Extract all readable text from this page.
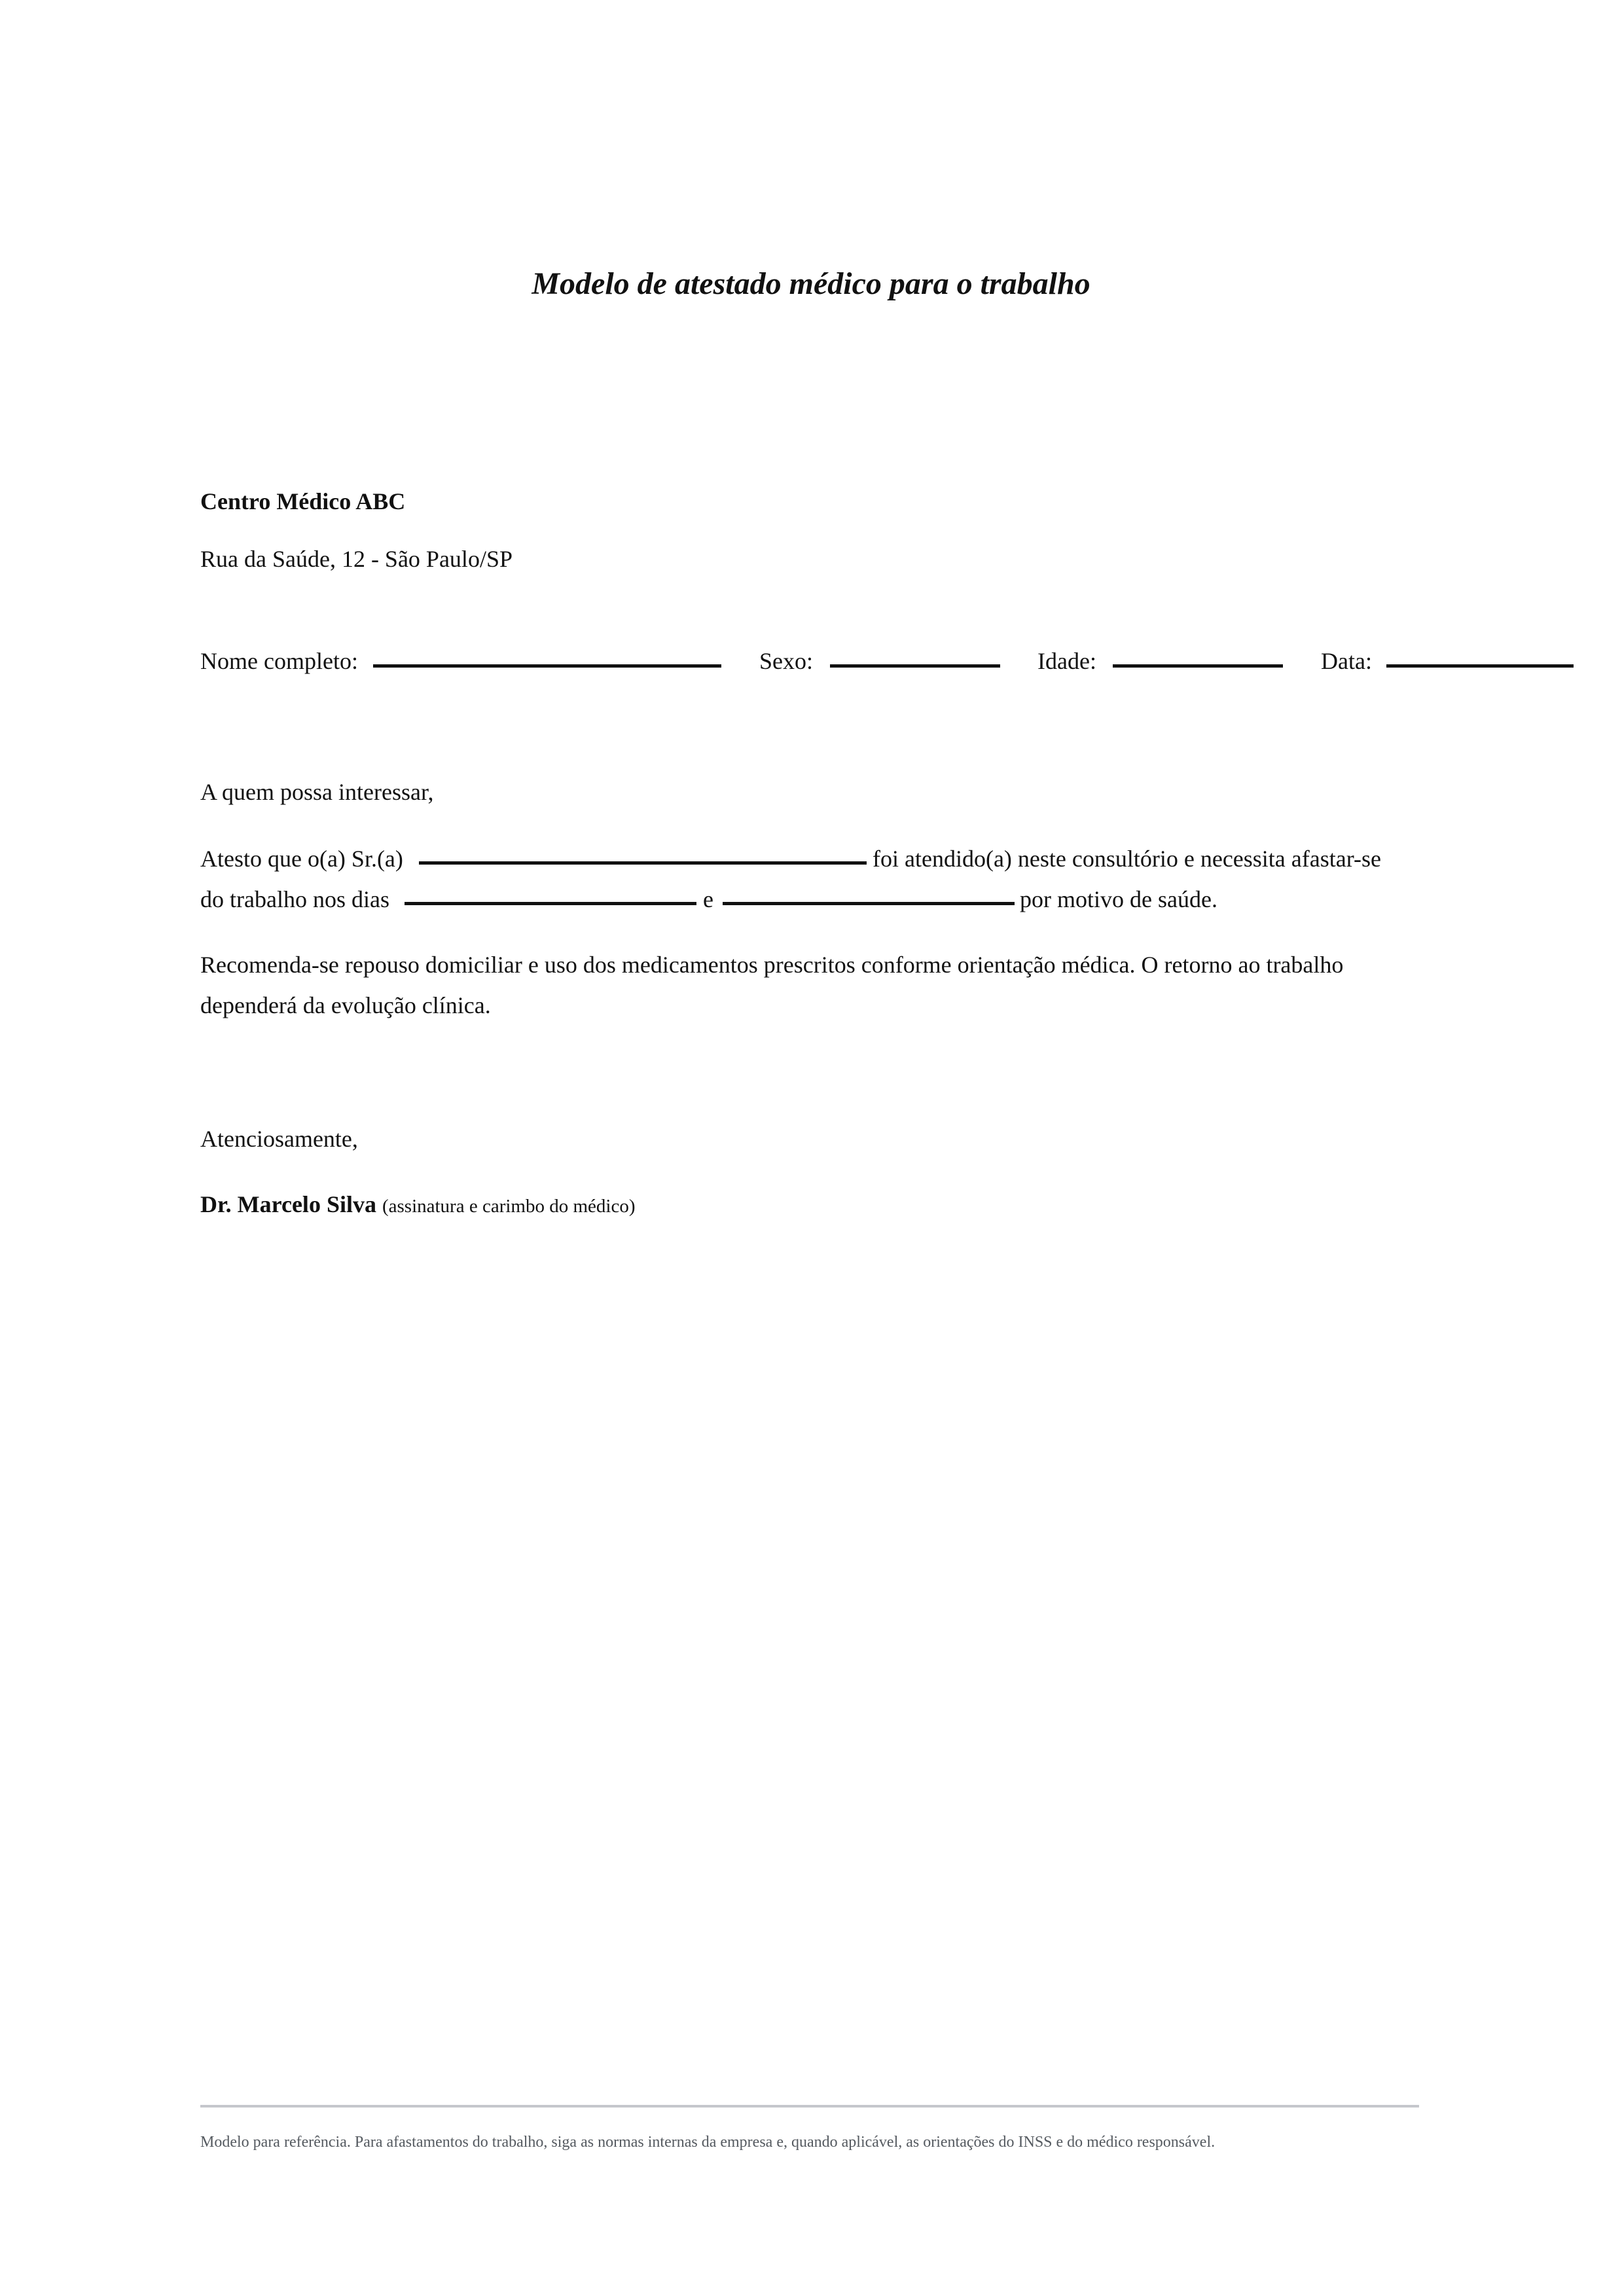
Modelo de atestado médico para o trabalho
Centro Médico ABC
Rua da Saúde, 12 - São Paulo/SP
Nome completo:	Sexo:	Idade:	Data:
A quem possa interessar,
Atesto que o(a) Sr.(a)	foi atendido(a) neste consultório e necessita afastar-se
do trabalho nos dias	e	por motivo de saúde.
Recomenda-se repouso domiciliar e uso dos medicamentos prescritos conforme orientação médica. O retorno ao trabalho
dependerá da evolução clínica.
Atenciosamente,
Dr. Marcelo Silva (assinatura e carimbo do médico)
Modelo para referência. Para afastamentos do trabalho, siga as normas internas da empresa e, quando aplicável, as orientações do INSS e do médico responsável.
